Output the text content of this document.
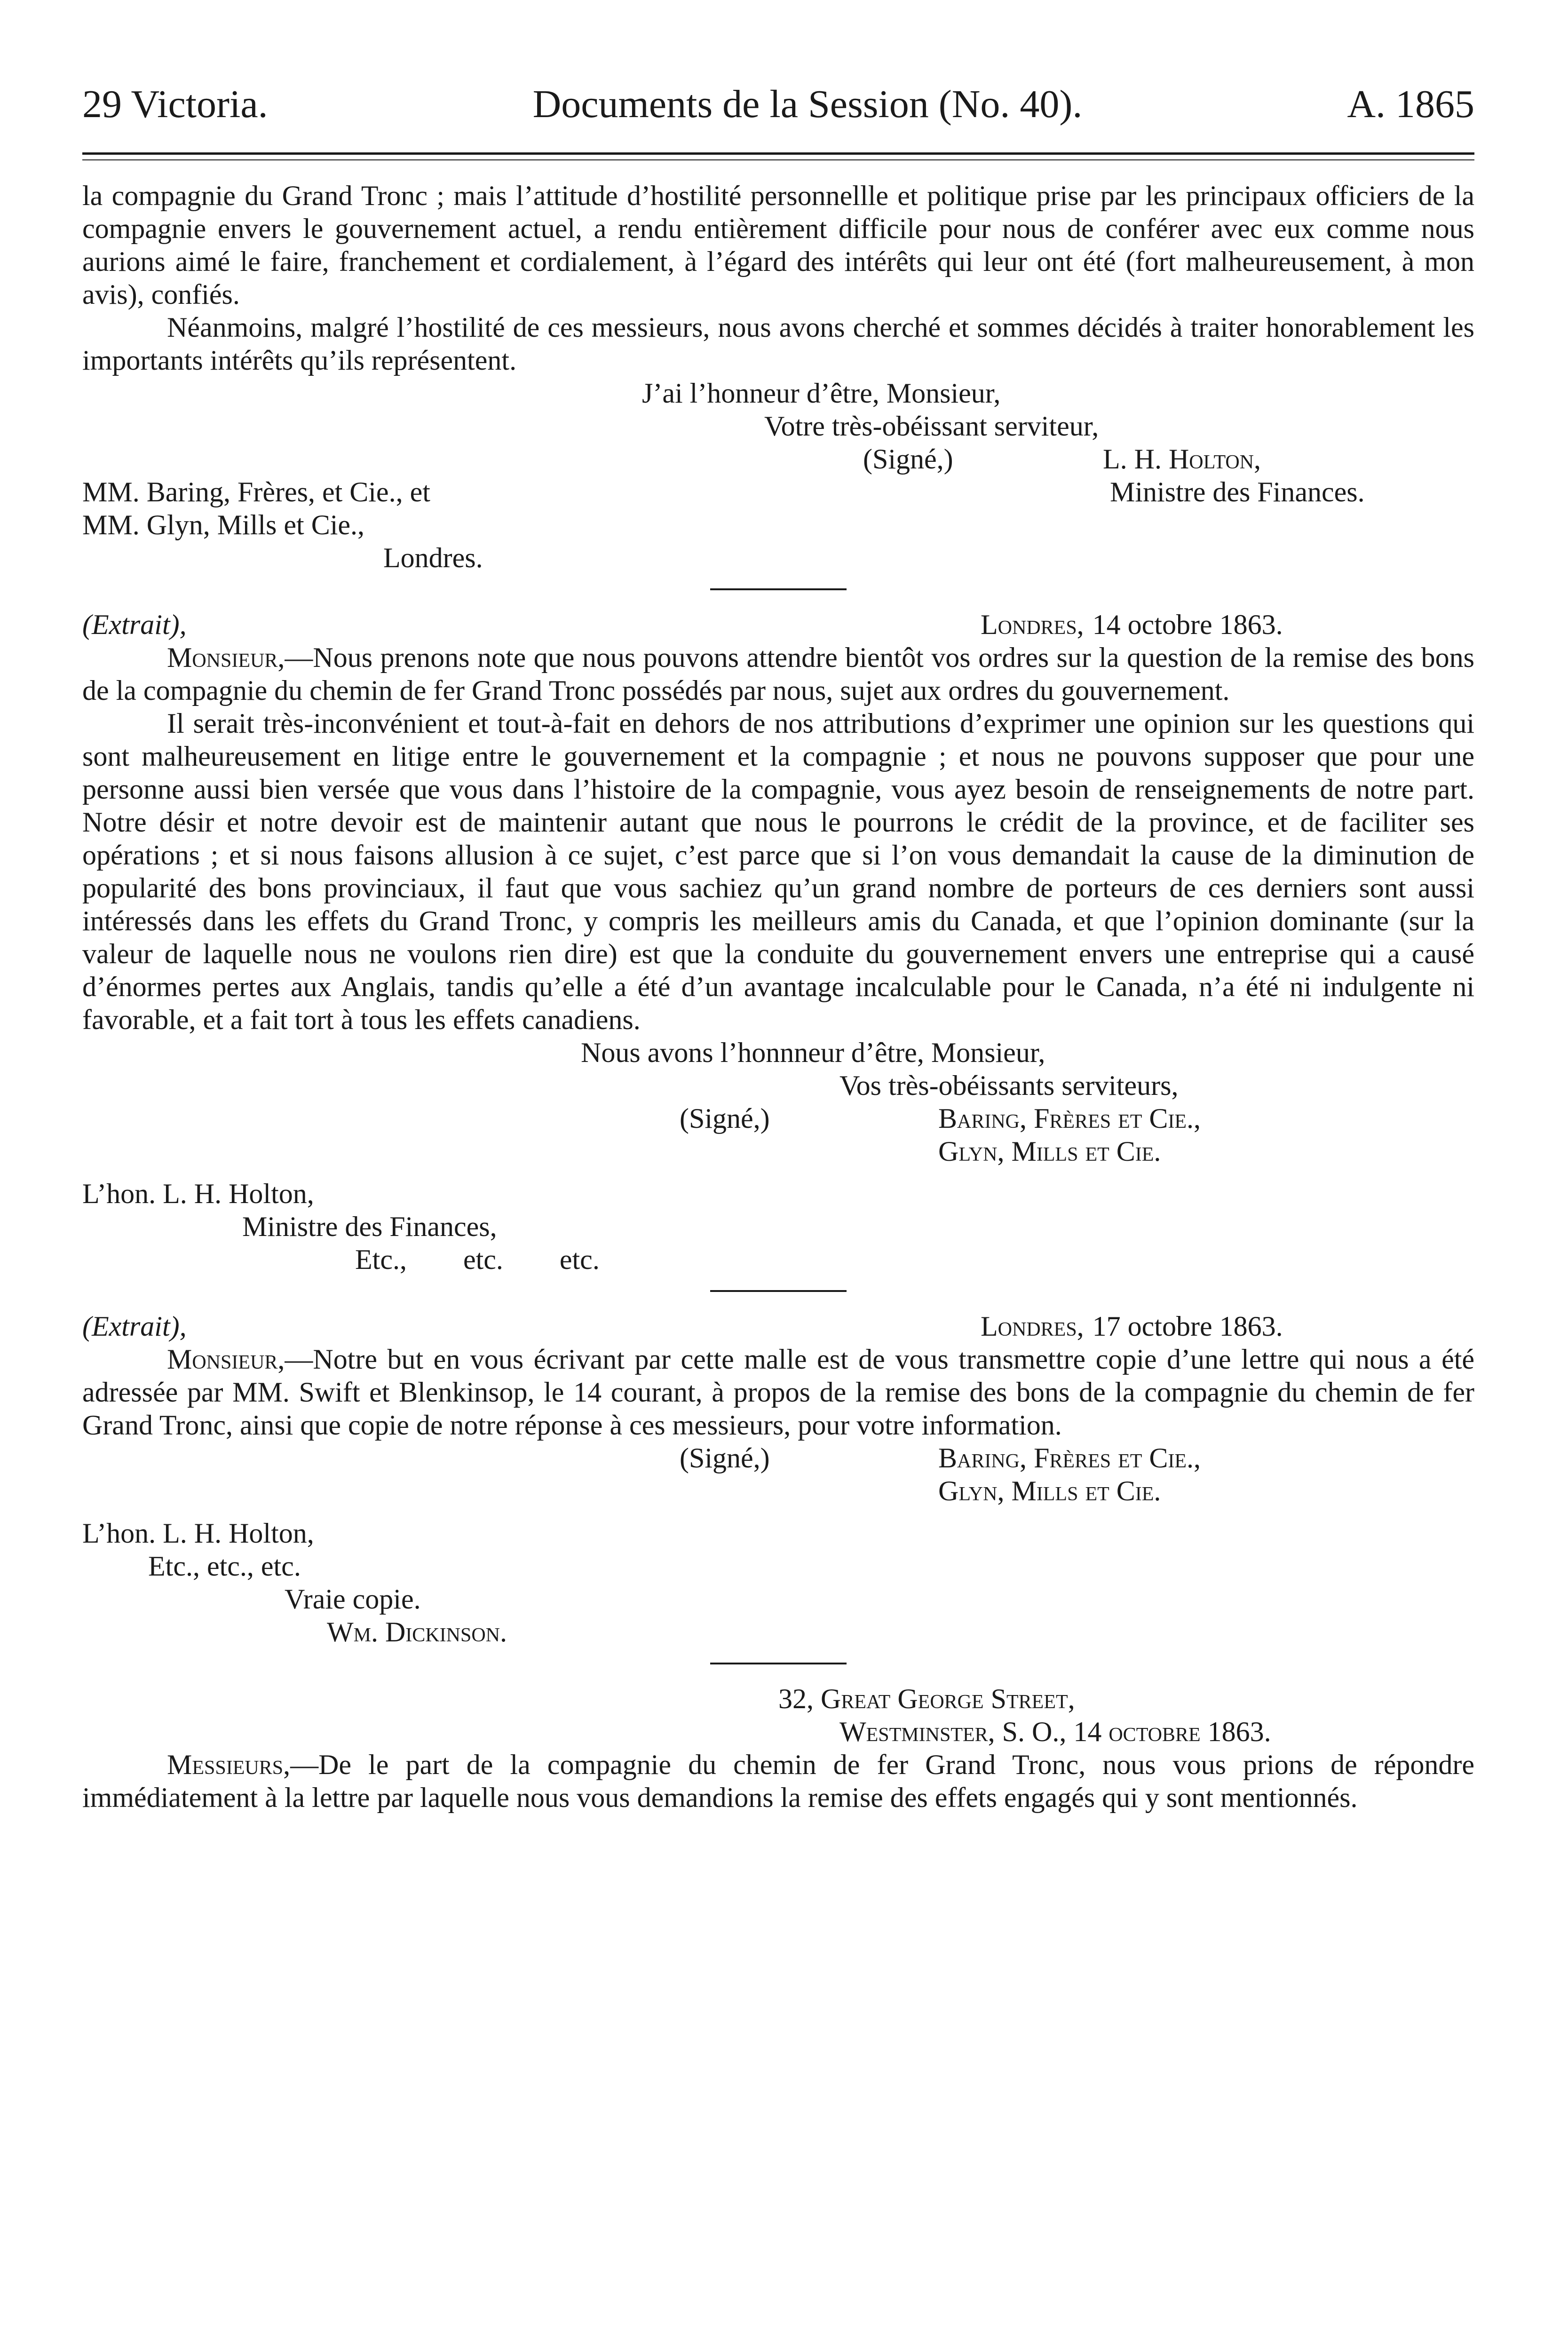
29 Victoria.	Documents de la Session (No. 40).	A. 1865

la compagnie du Grand Tronc ; mais l’attitude d’hostilité personnellle et politique prise par les principaux officiers de la compagnie envers le gouvernement actuel, a rendu entièrement difficile pour nous de conférer avec eux comme nous aurions aimé le faire, franchement et cordialement, à l’égard des intérêts qui leur ont été (fort malheureusement, à mon avis), confiés.

Néanmoins, malgré l’hostilité de ces messieurs, nous avons cherché et sommes décidés à traiter honorablement les importants intérêts qu’ils représentent.

J’ai l’honneur d’être, Monsieur,
Votre très-obéissant serviteur,
(Signé,)	L. H. Holton,
MM. Baring, Frères, et Cie., et	Ministre des Finances.
MM. Glyn, Mills et Cie.,
Londres.
(Extrait),	Londres, 14 octobre 1863.

Monsieur,—Nous prenons note que nous pouvons attendre bientôt vos ordres sur la question de la remise des bons de la compagnie du chemin de fer Grand Tronc possédés par nous, sujet aux ordres du gouvernement.

Il serait très-inconvénient et tout-à-fait en dehors de nos attributions d’exprimer une opinion sur les questions qui sont malheureusement en litige entre le gouvernement et la compagnie ; et nous ne pouvons supposer que pour une personne aussi bien versée que vous dans l’histoire de la compagnie, vous ayez besoin de renseignements de notre part. Notre désir et notre devoir est de maintenir autant que nous le pourrons le crédit de la province, et de faciliter ses opérations ; et si nous faisons allusion à ce sujet, c’est parce que si l’on vous demandait la cause de la diminution de popularité des bons provinciaux, il faut que vous sachiez qu’un grand nombre de porteurs de ces derniers sont aussi intéressés dans les effets du Grand Tronc, y compris les meilleurs amis du Canada, et que l’opinion dominante (sur la valeur de laquelle nous ne voulons rien dire) est que la conduite du gouvernement envers une entreprise qui a causé d’énormes pertes aux Anglais, tandis qu’elle a été d’un avantage incalculable pour le Canada, n’a été ni indulgente ni favorable, et a fait tort à tous les effets canadiens.

Nous avons l’honnneur d’être, Monsieur,
Vos très-obéissants serviteurs,
(Signé,)	Baring, Frères et Cie.,
Glyn, Mills et Cie.
L’hon. L. H. Holton,
Ministre des Finances,
Etc.,        etc.        etc.
(Extrait),	Londres, 17 octobre 1863.

Monsieur,—Notre but en vous écrivant par cette malle est de vous transmettre copie d’une lettre qui nous a été adressée par MM. Swift et Blenkinsop, le 14 courant, à propos de la remise des bons de la compagnie du chemin de fer Grand Tronc, ainsi que copie de notre réponse à ces messieurs, pour votre information.

(Signé,)	Baring, Frères et Cie.,
Glyn, Mills et Cie.
L’hon. L. H. Holton,
Etc., etc., etc.
Vraie copie.
Wm. Dickinson.
32, Great George Street,
Westminster, S. O., 14 octobre 1863.

Messieurs,—De le part de la compagnie du chemin de fer Grand Tronc, nous vous prions de répondre immédiatement à la lettre par laquelle nous vous demandions la remise des effets engagés qui y sont mentionnés.
